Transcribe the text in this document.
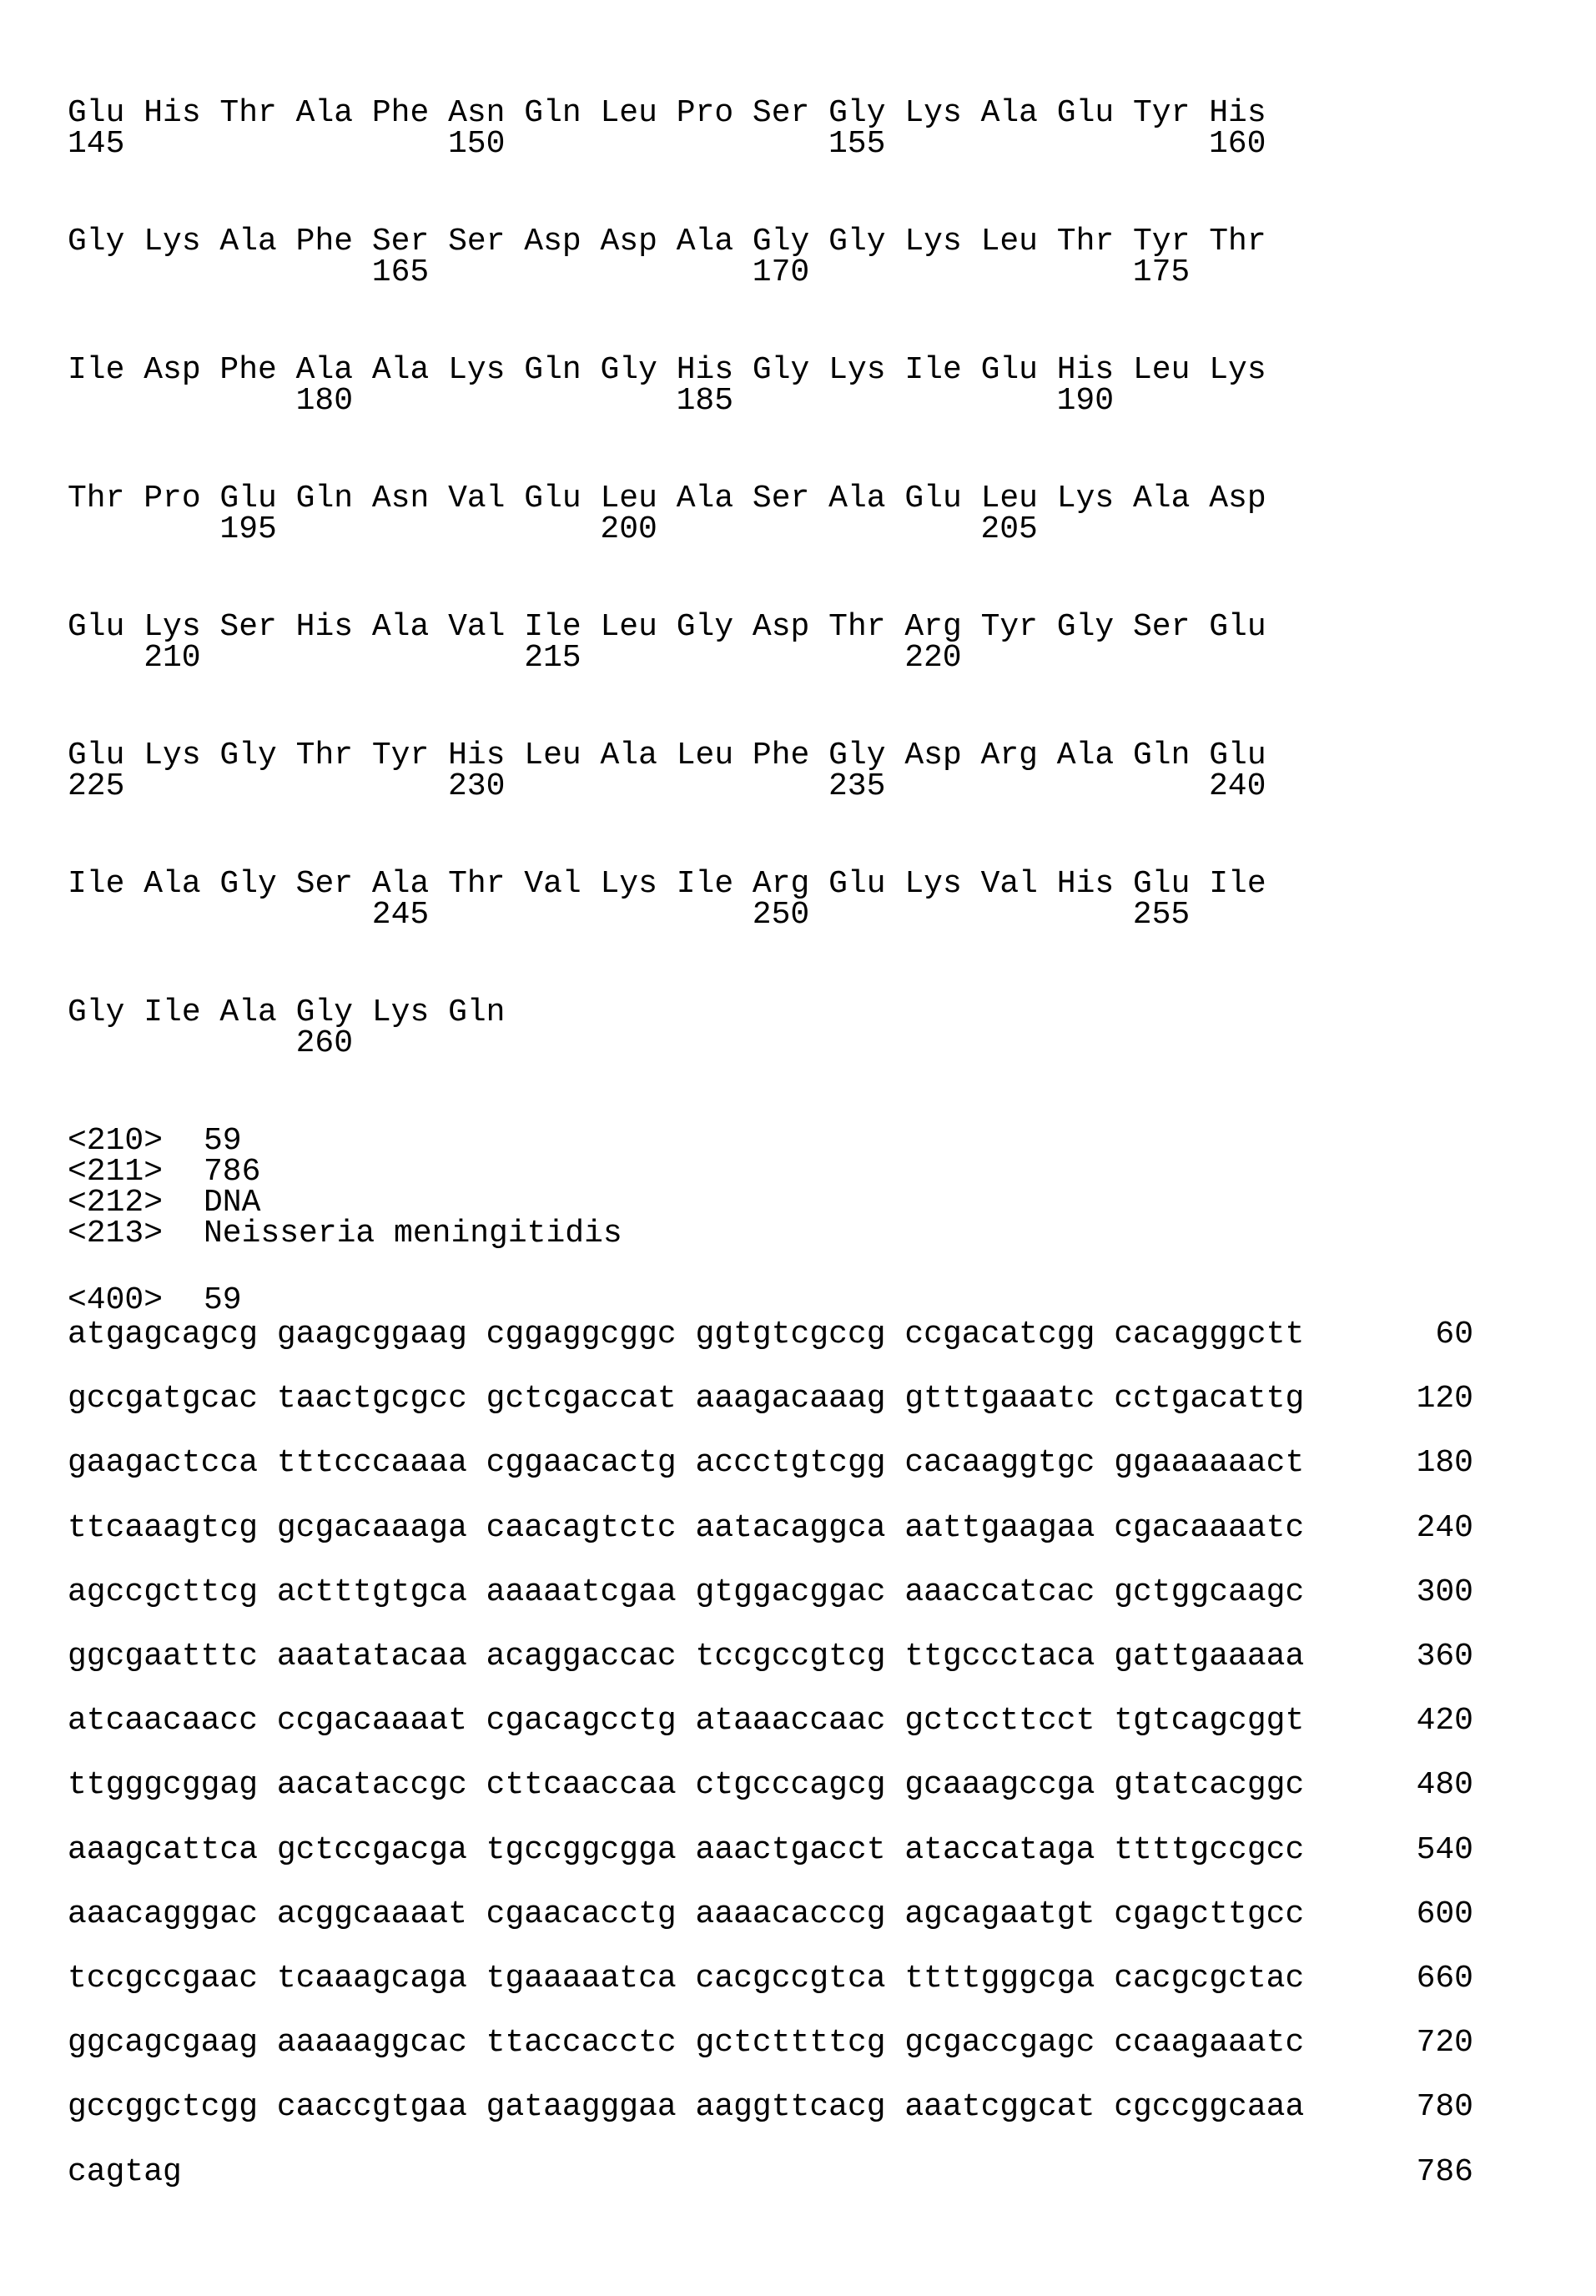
Glu His Thr Ala Phe Asn Gln Leu Pro Ser Gly Lys Ala Glu Tyr His
145	150	155	160
Gly Lys Ala Phe Ser Ser Asp Asp Ala Gly Gly Lys Leu Thr Tyr Thr
165	170	175
Ile Asp Phe Ala Ala Lys Gln Gly His Gly Lys Ile Glu His Leu Lys
180	185	190
Thr Pro Glu Gln Asn Val Glu Leu Ala Ser Ala Glu Leu Lys Ala Asp
195	200	205
Glu Lys Ser His Ala Val Ile Leu Gly Asp Thr Arg Tyr Gly Ser Glu
210	215	220
Glu Lys Gly Thr Tyr His Leu Ala Leu Phe Gly Asp Arg Ala Gln Glu
225	230	235	240
Ile Ala Gly Ser Ala Thr Val Lys Ile Arg Glu Lys Val His Glu Ile
245	250	255
Gly Ile Ala Gly Lys Gln
260
<210> 59
<211> 786
<212> DNA
<213> Neisseria meningitidis
<400> 59
atgagcagcg gaagcggaag cggaggcggc ggtgtcgccg ccgacatcgg cacagggctt	60
gccgatgcac taactgcgcc gctcgaccat aaagacaaag gtttgaaatc cctgacattg	120
gaagactcca tttcccaaaa cggaacactg accctgtcgg cacaaggtgc ggaaaaaact	180
ttcaaagtcg gcgacaaaga caacagtctc aatacaggca aattgaagaa cgacaaaatc	240
agccgcttcg actttgtgca aaaaatcgaa gtggacggac aaaccatcac gctggcaagc	300
ggcgaatttc aaatatacaa acaggaccac tccgccgtcg ttgccctaca gattgaaaaa	360
atcaacaacc ccgacaaaat cgacagcctg ataaaccaac gctccttcct tgtcagcggt	420
ttgggcggag aacataccgc cttcaaccaa ctgcccagcg gcaaagccga gtatcacggc	480
aaagcattca gctccgacga tgccggcgga aaactgacct ataccataga ttttgccgcc	540
aaacagggac acggcaaaat cgaacacctg aaaacacccg agcagaatgt cgagcttgcc	600
tccgccgaac tcaaagcaga tgaaaaatca cacgccgtca ttttgggcga cacgcgctac	660
ggcagcgaag aaaaaggcac ttaccacctc gctcttttcg gcgaccgagc ccaagaaatc	720
gccggctcgg caaccgtgaa gataagggaa aaggttcacg aaatcggcat cgccggcaaa	780
cagtag	786
